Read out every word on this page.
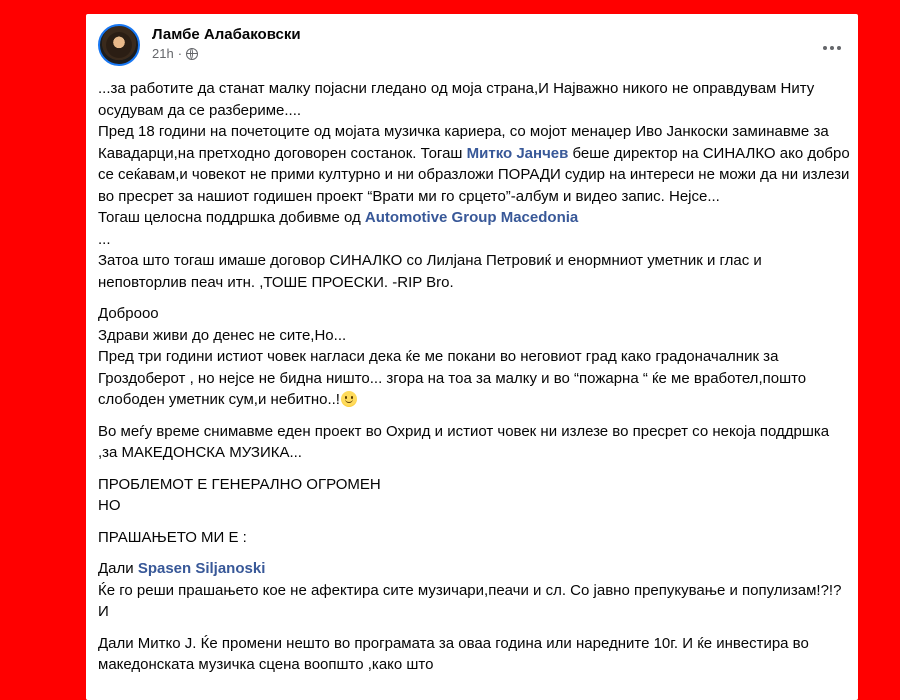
Ламбе Алабаковски
21h ·

...за работите да станат малку појасни гледано од моја страна,И Најважно никого не оправдувам Ниту осудувам да се разбериме....
Пред 18 години на почетоците од мојата музичка кариера, со мојот менаџер Иво Јанкоски заминавме за Кавадарци,на претходно договорен состанок. Тогаш Митко Јанчев беше директор на СИНАЛКО ако добро се сеќавам,и човекот не прими културно и ни образложи ПОРАДИ судир на интереси не можи да ни излези во пресрет за нашиот годишен проект “Врати ми го срцето”-албум и видео запис. Нејсе...
Тогаш целосна поддршка добивме од Automotive Group Macedonia
...
Затоа што тогаш имаше договор СИНАЛКО со Лилјана Петровиќ и енормниот уметник и глас и неповторлив пеач итн. ,ТОШЕ ПРОЕСКИ. -RIP Bro.

Доброоо
Здрави живи до денес не сите,Но...
Пред три години истиот човек нагласи дека ќе ме покани во неговиот град како градоначалник за Гроздоберот , но нејсе не бидна ништо... згора на тоа за малку и во “пожарна “ ќе ме вработел,пошто слободен уметник сум,и небитно..!

Во меѓу време снимавме еден проект во Охрид и истиот човек ни излезе во пресрет со некоја поддршка ,за МАКЕДОНСКА МУЗИКА...

ПРОБЛЕМОТ Е ГЕНЕРАЛНО ОГРОМЕН
НО

ПРАШАЊЕТО МИ Е :

Дали Spasen Siljanoski
Ќе го реши прашањето кое не афектира сите музичари,пеачи и сл. Со јавно препукување и популизам!?!?
И

Дали Митко Ј. Ќе промени нешто во програмата за оваа година или наредните 10г. И ќе инвестира во македонската музичка сцена воопшто ,како што
